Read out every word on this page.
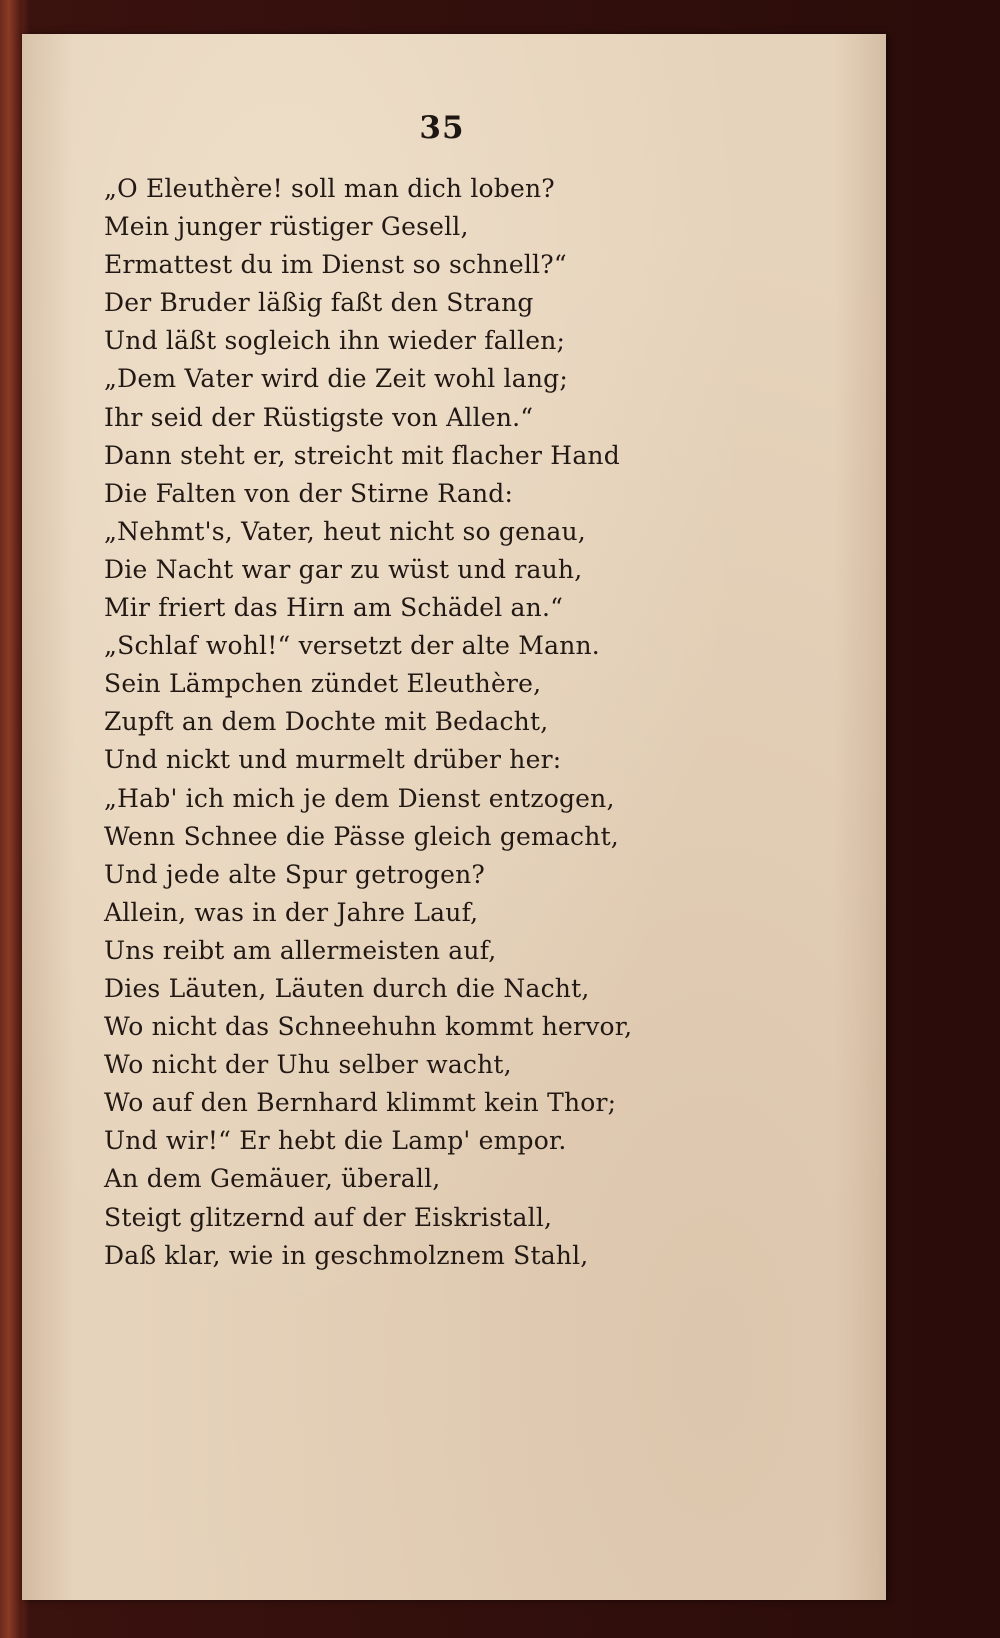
35
„O Eleuthère! soll man dich loben?
Mein junger rüstiger Gesell,
Ermattest du im Dienst so schnell?“
Der Bruder läßig faßt den Strang
Und läßt sogleich ihn wieder fallen;
„Dem Vater wird die Zeit wohl lang;
Ihr seid der Rüstigste von Allen.“
Dann steht er, streicht mit flacher Hand
Die Falten von der Stirne Rand:
„Nehmt's, Vater, heut nicht so genau,
Die Nacht war gar zu wüst und rauh,
Mir friert das Hirn am Schädel an.“
„Schlaf wohl!“ versetzt der alte Mann.
Sein Lämpchen zündet Eleuthère,
Zupft an dem Dochte mit Bedacht,
Und nickt und murmelt drüber her:
„Hab' ich mich je dem Dienst entzogen,
Wenn Schnee die Pässe gleich gemacht,
Und jede alte Spur getrogen?
Allein, was in der Jahre Lauf,
Uns reibt am allermeisten auf,
Dies Läuten, Läuten durch die Nacht,
Wo nicht das Schneehuhn kommt hervor,
Wo nicht der Uhu selber wacht,
Wo auf den Bernhard klimmt kein Thor;
Und wir!“ Er hebt die Lamp' empor.
An dem Gemäuer, überall,
Steigt glitzernd auf der Eiskristall,
Daß klar, wie in geschmolznem Stahl,
